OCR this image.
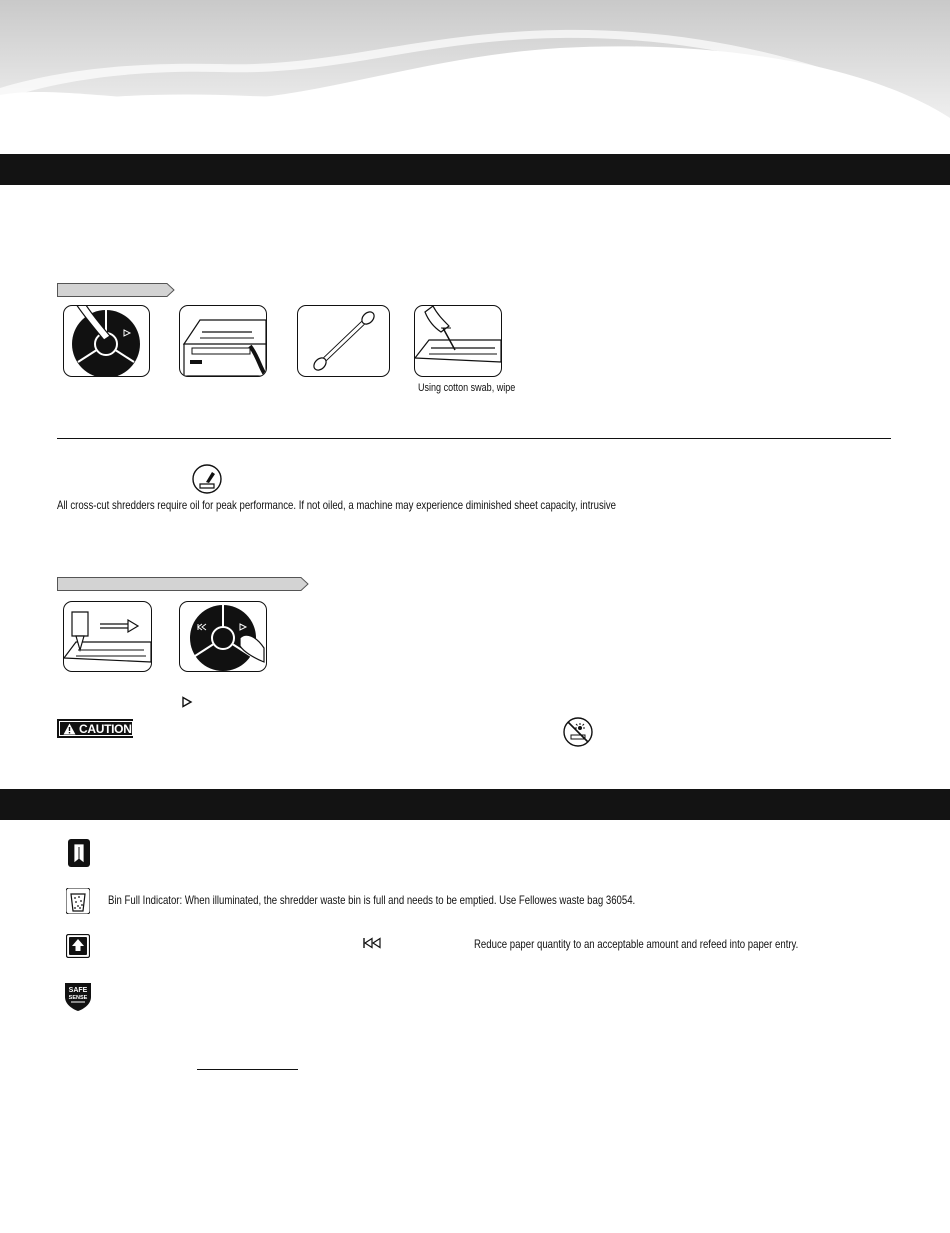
Using cotton swab, wipe
All cross-cut shredders require oil for peak performance. If not oiled, a machine may experience diminished sheet capacity, intrusive
CAUTION
Bin Full Indicator: When illuminated, the shredder waste bin is full and needs to be emptied. Use Fellowes waste bag 36054.
Reduce paper quantity to an acceptable amount and refeed into paper entry.
SAFE
SENSE
